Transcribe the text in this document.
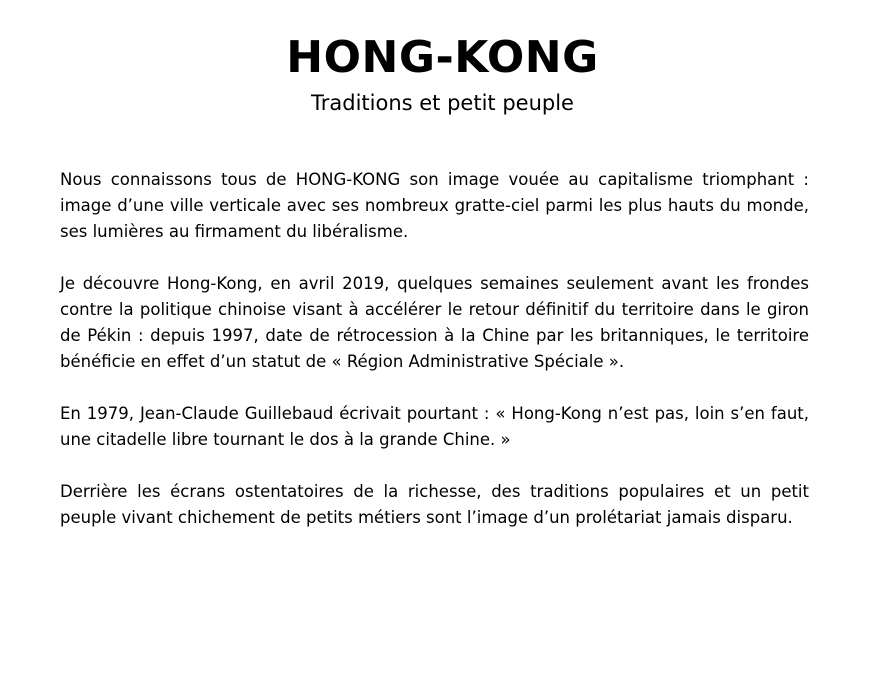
HONG-KONG
Traditions et petit peuple

Nous connaissons tous de HONG-KONG son image vouée au capitalisme triomphant : image d’une ville verticale avec ses nombreux gratte-ciel parmi les plus hauts du monde, ses lumières au firmament du libéralisme.

Je découvre Hong-Kong, en avril 2019, quelques semaines seulement avant les frondes contre la politique chinoise visant à accélérer le retour définitif du territoire dans le giron de Pékin : depuis 1997, date de rétrocession à la Chine par les britanniques, le territoire bénéficie en effet d’un statut de « Région Administrative Spéciale ».

En 1979, Jean-Claude Guillebaud écrivait pourtant : « Hong-Kong n’est pas, loin s’en faut, une citadelle libre tournant le dos à la grande Chine. »

Derrière les écrans ostentatoires de la richesse, des traditions populaires et un petit peuple vivant chichement de petits métiers sont l’image d’un prolétariat jamais disparu.
